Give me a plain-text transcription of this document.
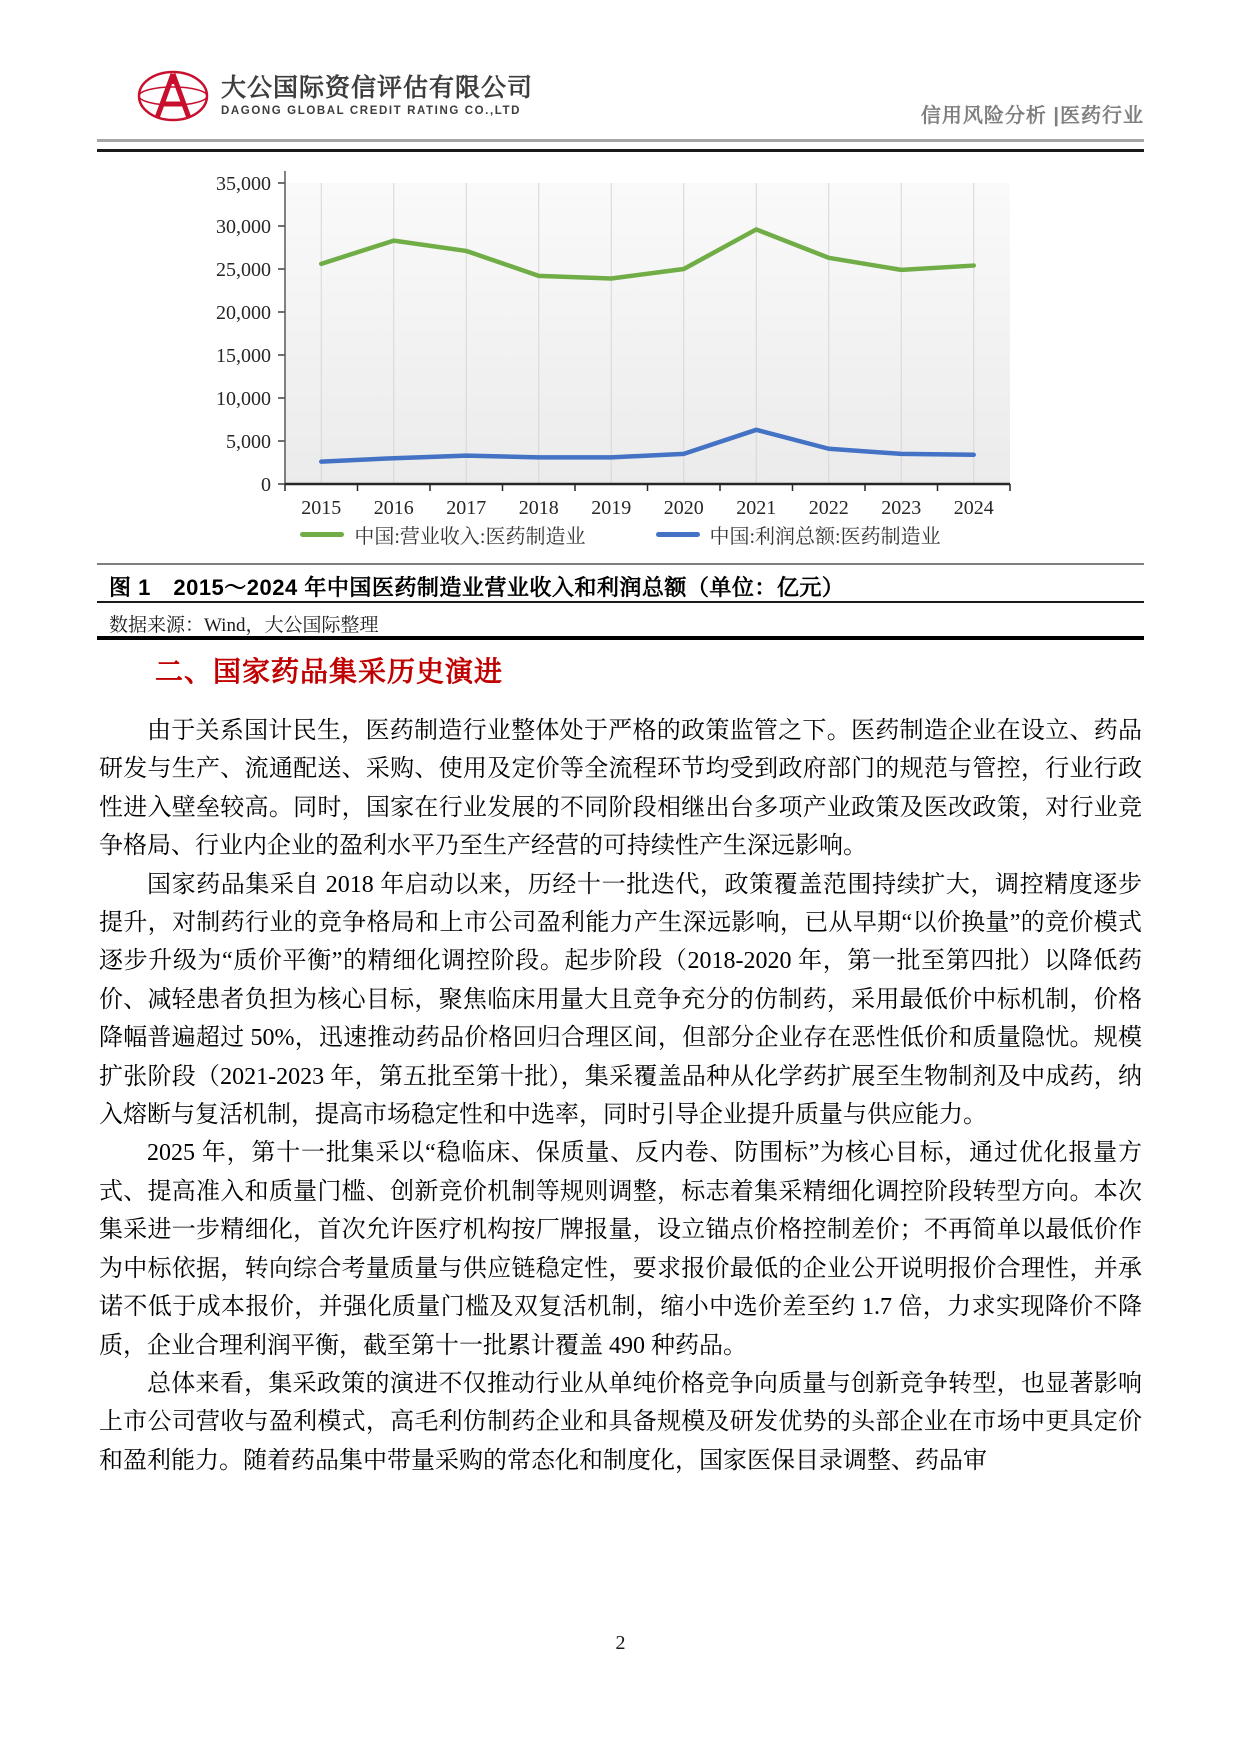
大公国际资信评估有限公司
DAGONG GLOBAL CREDIT RATING CO.,LTD	信用风险分析 |医药行业
0
5,000
10,000
15,000
20,000
25,000
30,000
35,000
2015 2016 2017 2018 2019 2020 2021 2022 2023 2024
中国:营业收入:医药制造业	中国:利润总额:医药制造业
图 1　2015～2024 年中国医药制造业营业收入和利润总额（单位：亿元）
数据来源：Wind，大公国际整理
二、国家药品集采历史演进

由于关系国计民生，医药制造行业整体处于严格的政策监管之下。医药制造企业在设立、药品研发与生产、流通配送、采购、使用及定价等全流程环节均受到政府部门的规范与管控，行业行政性进入壁垒较高。同时，国家在行业发展的不同阶段相继出台多项产业政策及医改政策，对行业竞争格局、行业内企业的盈利水平乃至生产经营的可持续性产生深远影响。

国家药品集采自 2018 年启动以来，历经十一批迭代，政策覆盖范围持续扩大，调控精度逐步提升，对制药行业的竞争格局和上市公司盈利能力产生深远影响，已从早期“以价换量”的竞价模式逐步升级为“质价平衡”的精细化调控阶段。起步阶段（2018-2020 年，第一批至第四批）以降低药价、减轻患者负担为核心目标，聚焦临床用量大且竞争充分的仿制药，采用最低价中标机制，价格降幅普遍超过 50%，迅速推动药品价格回归合理区间，但部分企业存在恶性低价和质量隐忧。规模扩张阶段（2021-2023 年，第五批至第十批），集采覆盖品种从化学药扩展至生物制剂及中成药，纳入熔断与复活机制，提高市场稳定性和中选率，同时引导企业提升质量与供应能力。

2025 年，第十一批集采以“稳临床、保质量、反内卷、防围标”为核心目标，通过优化报量方式、提高准入和质量门槛、创新竞价机制等规则调整，标志着集采精细化调控阶段转型方向。本次集采进一步精细化，首次允许医疗机构按厂牌报量，设立锚点价格控制差价；不再简单以最低价作为中标依据，转向综合考量质量与供应链稳定性，要求报价最低的企业公开说明报价合理性，并承诺不低于成本报价，并强化质量门槛及双复活机制，缩小中选价差至约 1.7 倍，力求实现降价不降质，企业合理利润平衡，截至第十一批累计覆盖 490 种药品。

总体来看，集采政策的演进不仅推动行业从单纯价格竞争向质量与创新竞争转型，也显著影响上市公司营收与盈利模式，高毛利仿制药企业和具备规模及研发优势的头部企业在市场中更具定价和盈利能力。随着药品集中带量采购的常态化和制度化，国家医保目录调整、药品审

2
